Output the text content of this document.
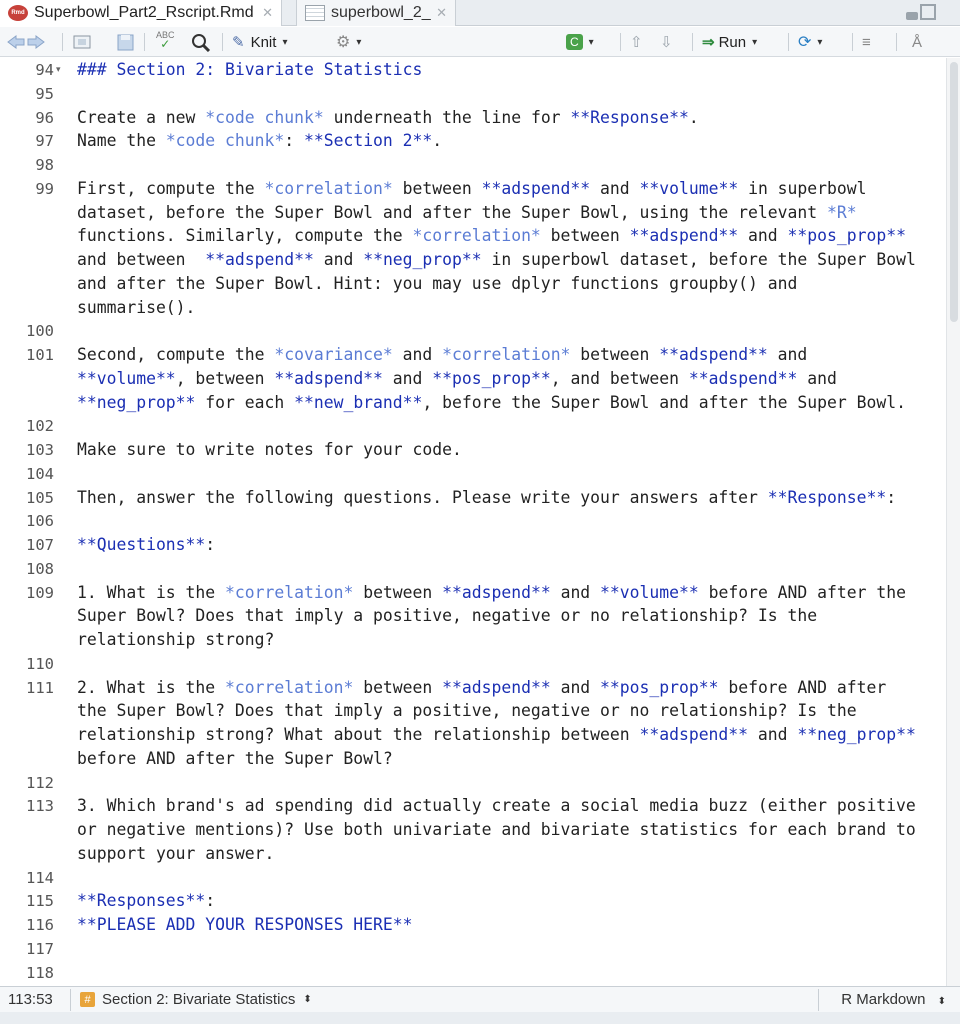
Rmd Superbowl_Part2_Rscript.Rmd ✕	superbowl_2_ ✕
ABC
✓	✎ Knit ▾	⚙ ▾	C	▾ ⇧ ⇩ ⇒ Run ▾	⟳ ▾	≡	Å
94 ▾ ### Section 2: Bivariate Statistics
95
96 Create a new *code chunk* underneath the line for **Response**.
97 Name the *code chunk*: **Section 2**.
98
99 First, compute the *correlation* between **adspend** and **volume** in superbowl
dataset, before the Super Bowl and after the Super Bowl, using the relevant *R*
functions. Similarly, compute the *correlation* between **adspend** and **pos_prop**
and between  **adspend** and **neg_prop** in superbowl dataset, before the Super Bowl
and after the Super Bowl. Hint: you may use dplyr functions groupby() and
summarise().
100
101 Second, compute the *covariance* and *correlation* between **adspend** and
**volume**, between **adspend** and **pos_prop**, and between **adspend** and
**neg_prop** for each **new_brand**, before the Super Bowl and after the Super Bowl.
102
103 Make sure to write notes for your code.
104
105 Then, answer the following questions. Please write your answers after **Response**:
106
107 **Questions**:
108
109 1. What is the *correlation* between **adspend** and **volume** before AND after the
Super Bowl? Does that imply a positive, negative or no relationship? Is the
relationship strong?
110
111 2. What is the *correlation* between **adspend** and **pos_prop** before AND after
the Super Bowl? Does that imply a positive, negative or no relationship? Is the
relationship strong? What about the relationship between **adspend** and **neg_prop**
before AND after the Super Bowl?
112
113 3. Which brand's ad spending did actually create a social media buzz (either positive
or negative mentions)? Use both univariate and bivariate statistics for each brand to
support your answer.
114
115 **Responses**:
116 **PLEASE ADD YOUR RESPONSES HERE**
117
118
113:53	# Section 2: Bivariate Statistics ⬍	R Markdown ⬍
